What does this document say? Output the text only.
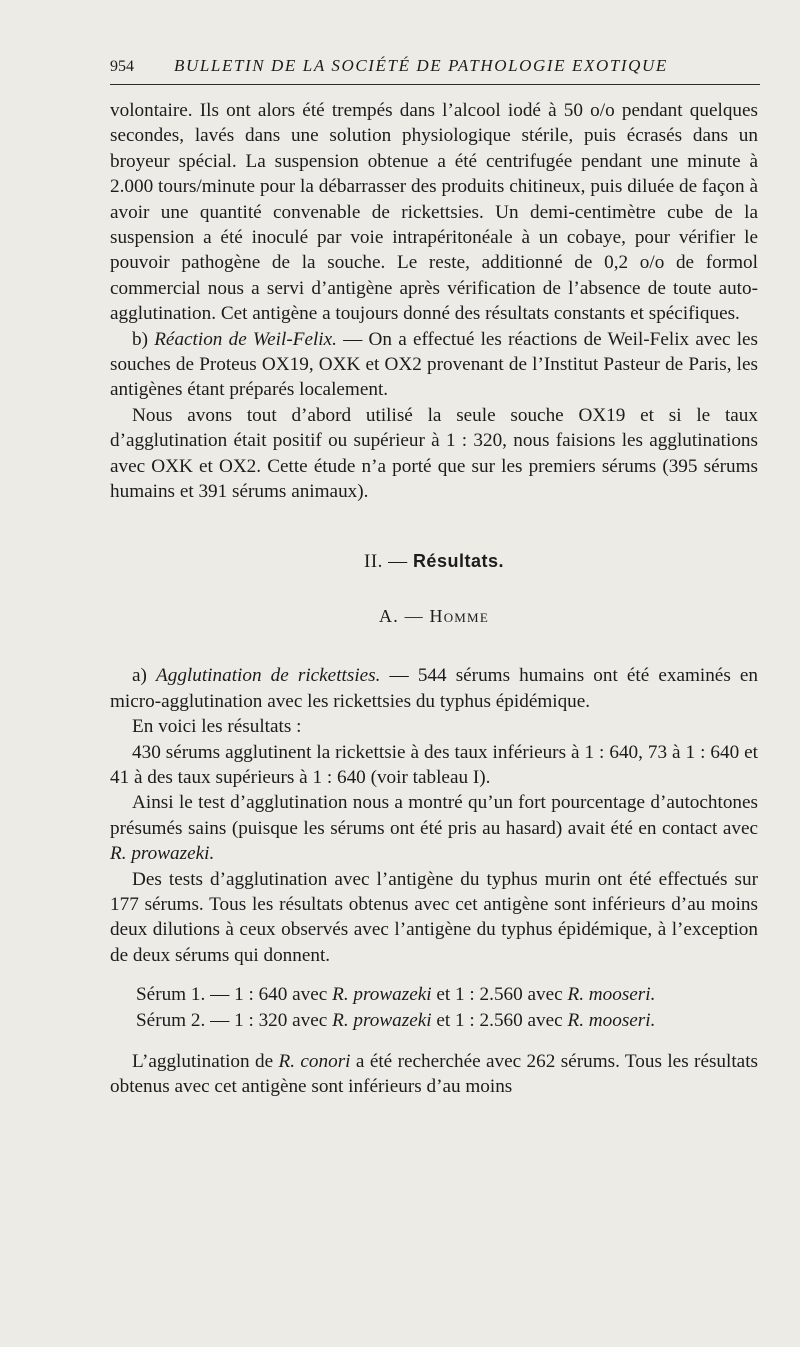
954 BULLETIN DE LA SOCIÉTÉ DE PATHOLOGIE EXOTIQUE

volontaire. Ils ont alors été trempés dans l’alcool iodé à 50 o/o pendant quelques secondes, lavés dans une solution physiologique stérile, puis écrasés dans un broyeur spécial. La suspension obtenue a été centrifugée pendant une minute à 2.000 tours/minute pour la débarrasser des produits chitineux, puis diluée de façon à avoir une quantité convenable de rickettsies. Un demi-centimètre cube de la suspension a été inoculé par voie intrapéritonéale à un cobaye, pour vérifier le pouvoir pathogène de la souche. Le reste, additionné de 0,2 o/o de formol commercial nous a servi d’antigène après vérification de l’absence de toute auto-agglutination. Cet antigène a toujours donné des résultats constants et spécifiques.

b) Réaction de Weil-Felix. — On a effectué les réactions de Weil-Felix avec les souches de Proteus OX19, OXK et OX2 provenant de l’Institut Pasteur de Paris, les antigènes étant préparés localement.

Nous avons tout d’abord utilisé la seule souche OX19 et si le taux d’agglutination était positif ou supérieur à 1 : 320, nous faisions les agglutinations avec OXK et OX2. Cette étude n’a porté que sur les premiers sérums (395 sérums humains et 391 sérums animaux).

II. — Résultats.

A. — Homme

a) Agglutination de rickettsies. — 544 sérums humains ont été examinés en micro-agglutination avec les rickettsies du typhus épidémique.

En voici les résultats :

430 sérums agglutinent la rickettsie à des taux inférieurs à 1 : 640, 73 à 1 : 640 et 41 à des taux supérieurs à 1 : 640 (voir tableau I).

Ainsi le test d’agglutination nous a montré qu’un fort pourcentage d’autochtones présumés sains (puisque les sérums ont été pris au hasard) avait été en contact avec R. prowazeki.

Des tests d’agglutination avec l’antigène du typhus murin ont été effectués sur 177 sérums. Tous les résultats obtenus avec cet antigène sont inférieurs d’au moins deux dilutions à ceux observés avec l’antigène du typhus épidémique, à l’exception de deux sérums qui donnent.

Sérum 1. — 1 : 640 avec R. prowazeki et 1 : 2.560 avec R. mooseri.

Sérum 2. — 1 : 320 avec R. prowazeki et 1 : 2.560 avec R. mooseri.

L’agglutination de R. conori a été recherchée avec 262 sérums. Tous les résultats obtenus avec cet antigène sont inférieurs d’au moins
